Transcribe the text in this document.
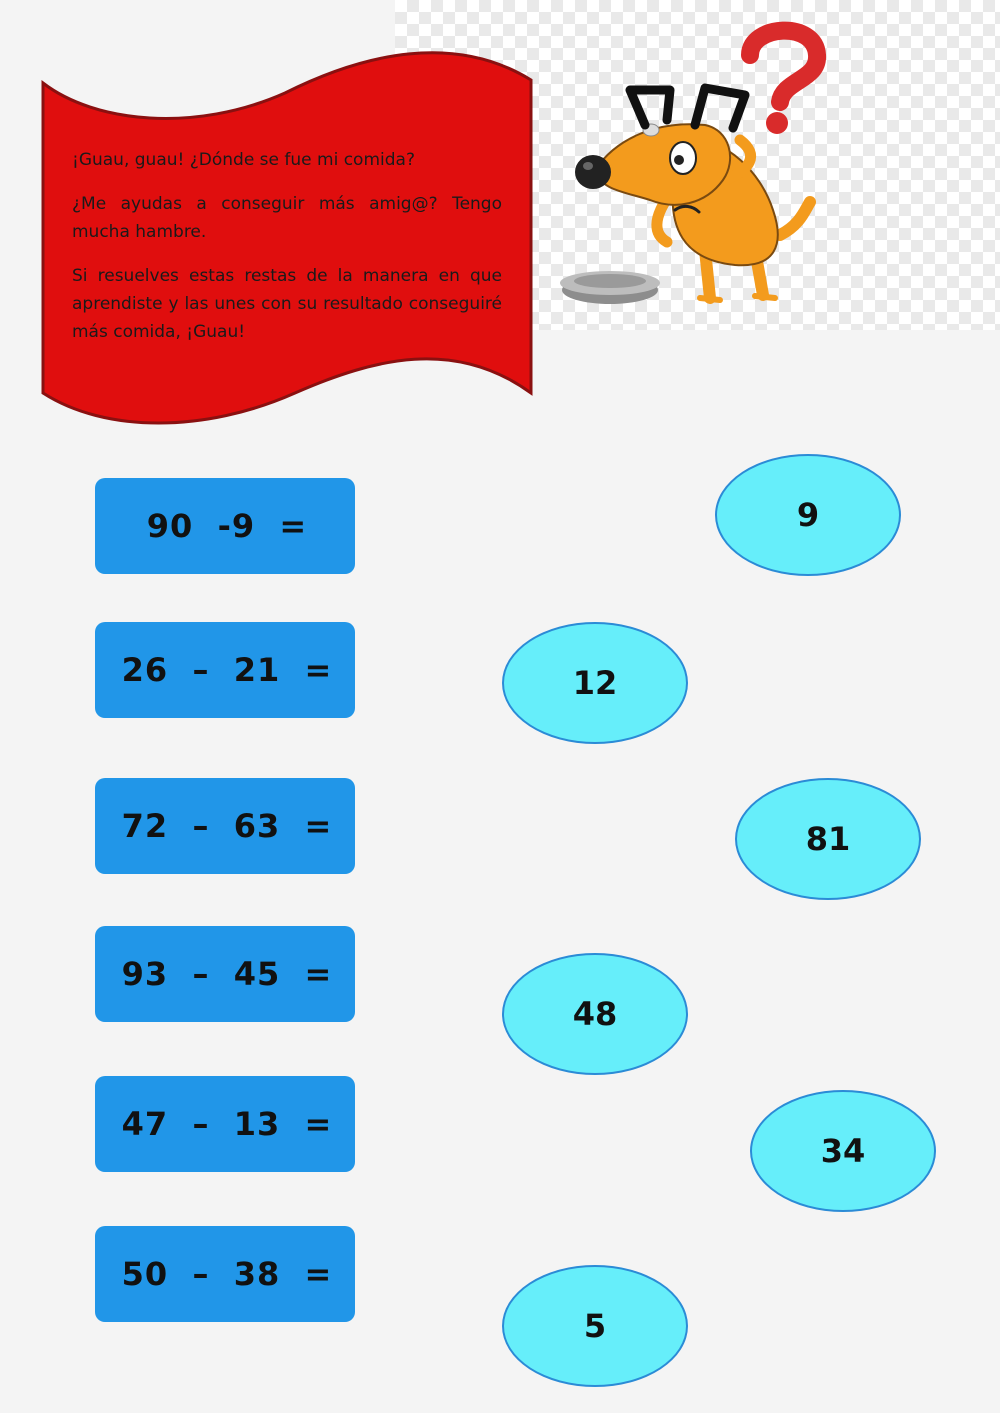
¡Guau, guau! ¿Dónde se fue mi comida?

¿Me ayudas a conseguir más amig@? Tengo mucha hambre.

Si resuelves estas restas de la manera en que aprendiste y las unes con su resultado conseguiré más comida, ¡Guau!

90  -9  =
26  –  21  =
72  –  63  =
93  –  45  =
47  –  13  =
50  –  38  =
9
12
81
48
34
5
